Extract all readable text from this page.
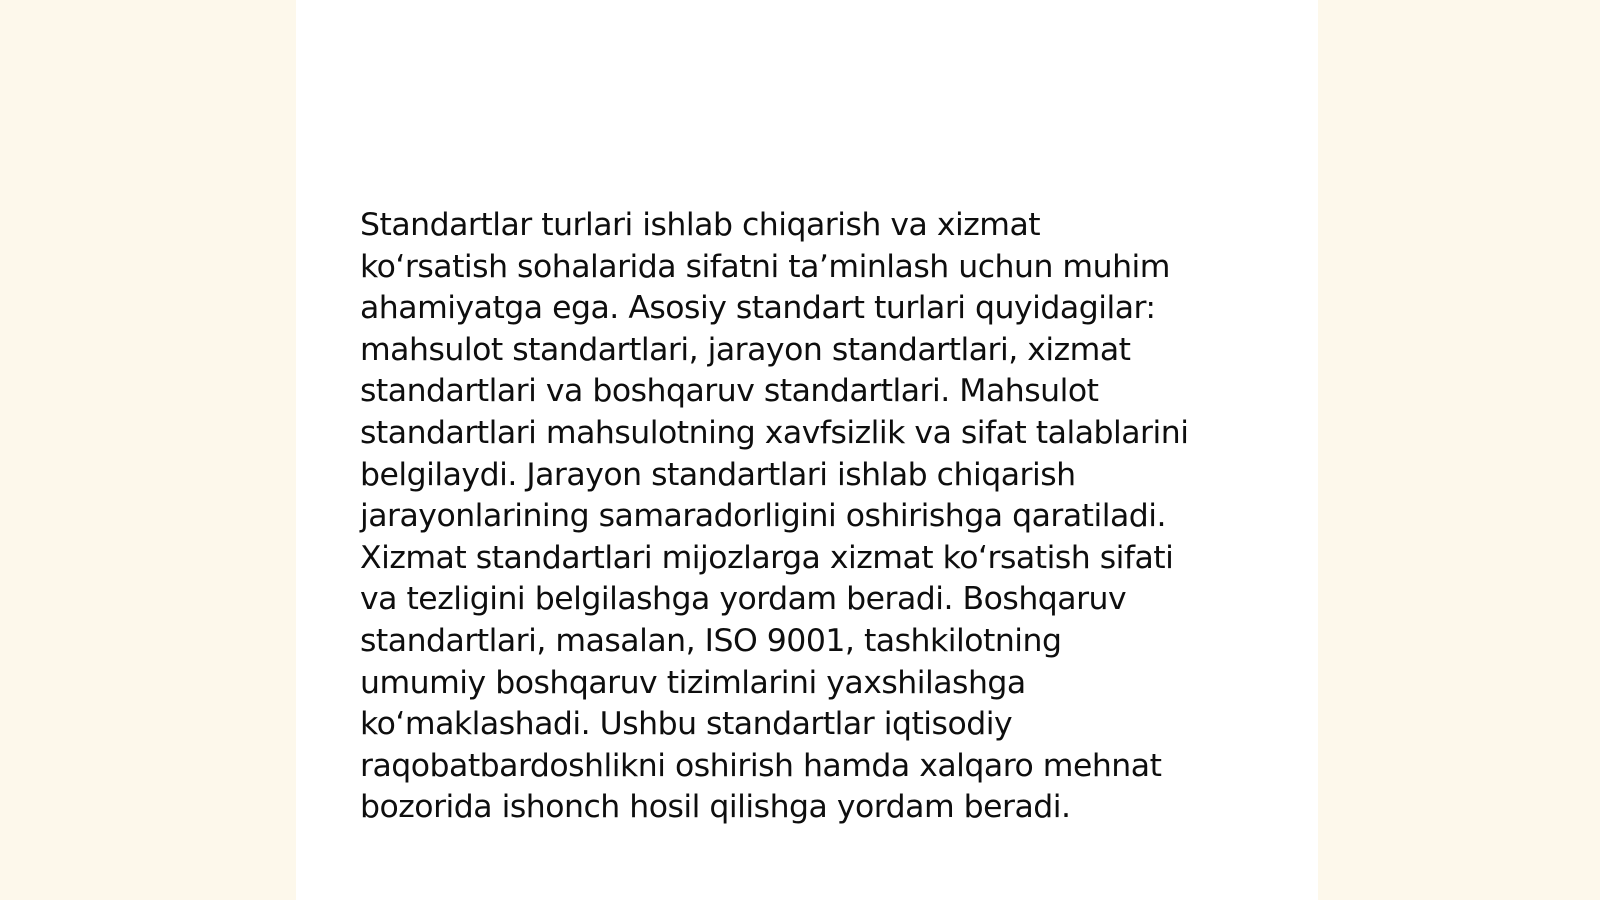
Standartlar turlari ishlab chiqarish va xizmat
ko‘rsatish sohalarida sifatni ta’minlash uchun muhim
ahamiyatga ega. Asosiy standart turlari quyidagilar:
mahsulot standartlari, jarayon standartlari, xizmat
standartlari va boshqaruv standartlari. Mahsulot
standartlari mahsulotning xavfsizlik va sifat talablarini
belgilaydi. Jarayon standartlari ishlab chiqarish
jarayonlarining samaradorligini oshirishga qaratiladi.
Xizmat standartlari mijozlarga xizmat ko‘rsatish sifati
va tezligini belgilashga yordam beradi. Boshqaruv
standartlari, masalan, ISO 9001, tashkilotning
umumiy boshqaruv tizimlarini yaxshilashga
ko‘maklashadi. Ushbu standartlar iqtisodiy
raqobatbardoshlikni oshirish hamda xalqaro mehnat
bozorida ishonch hosil qilishga yordam beradi.
